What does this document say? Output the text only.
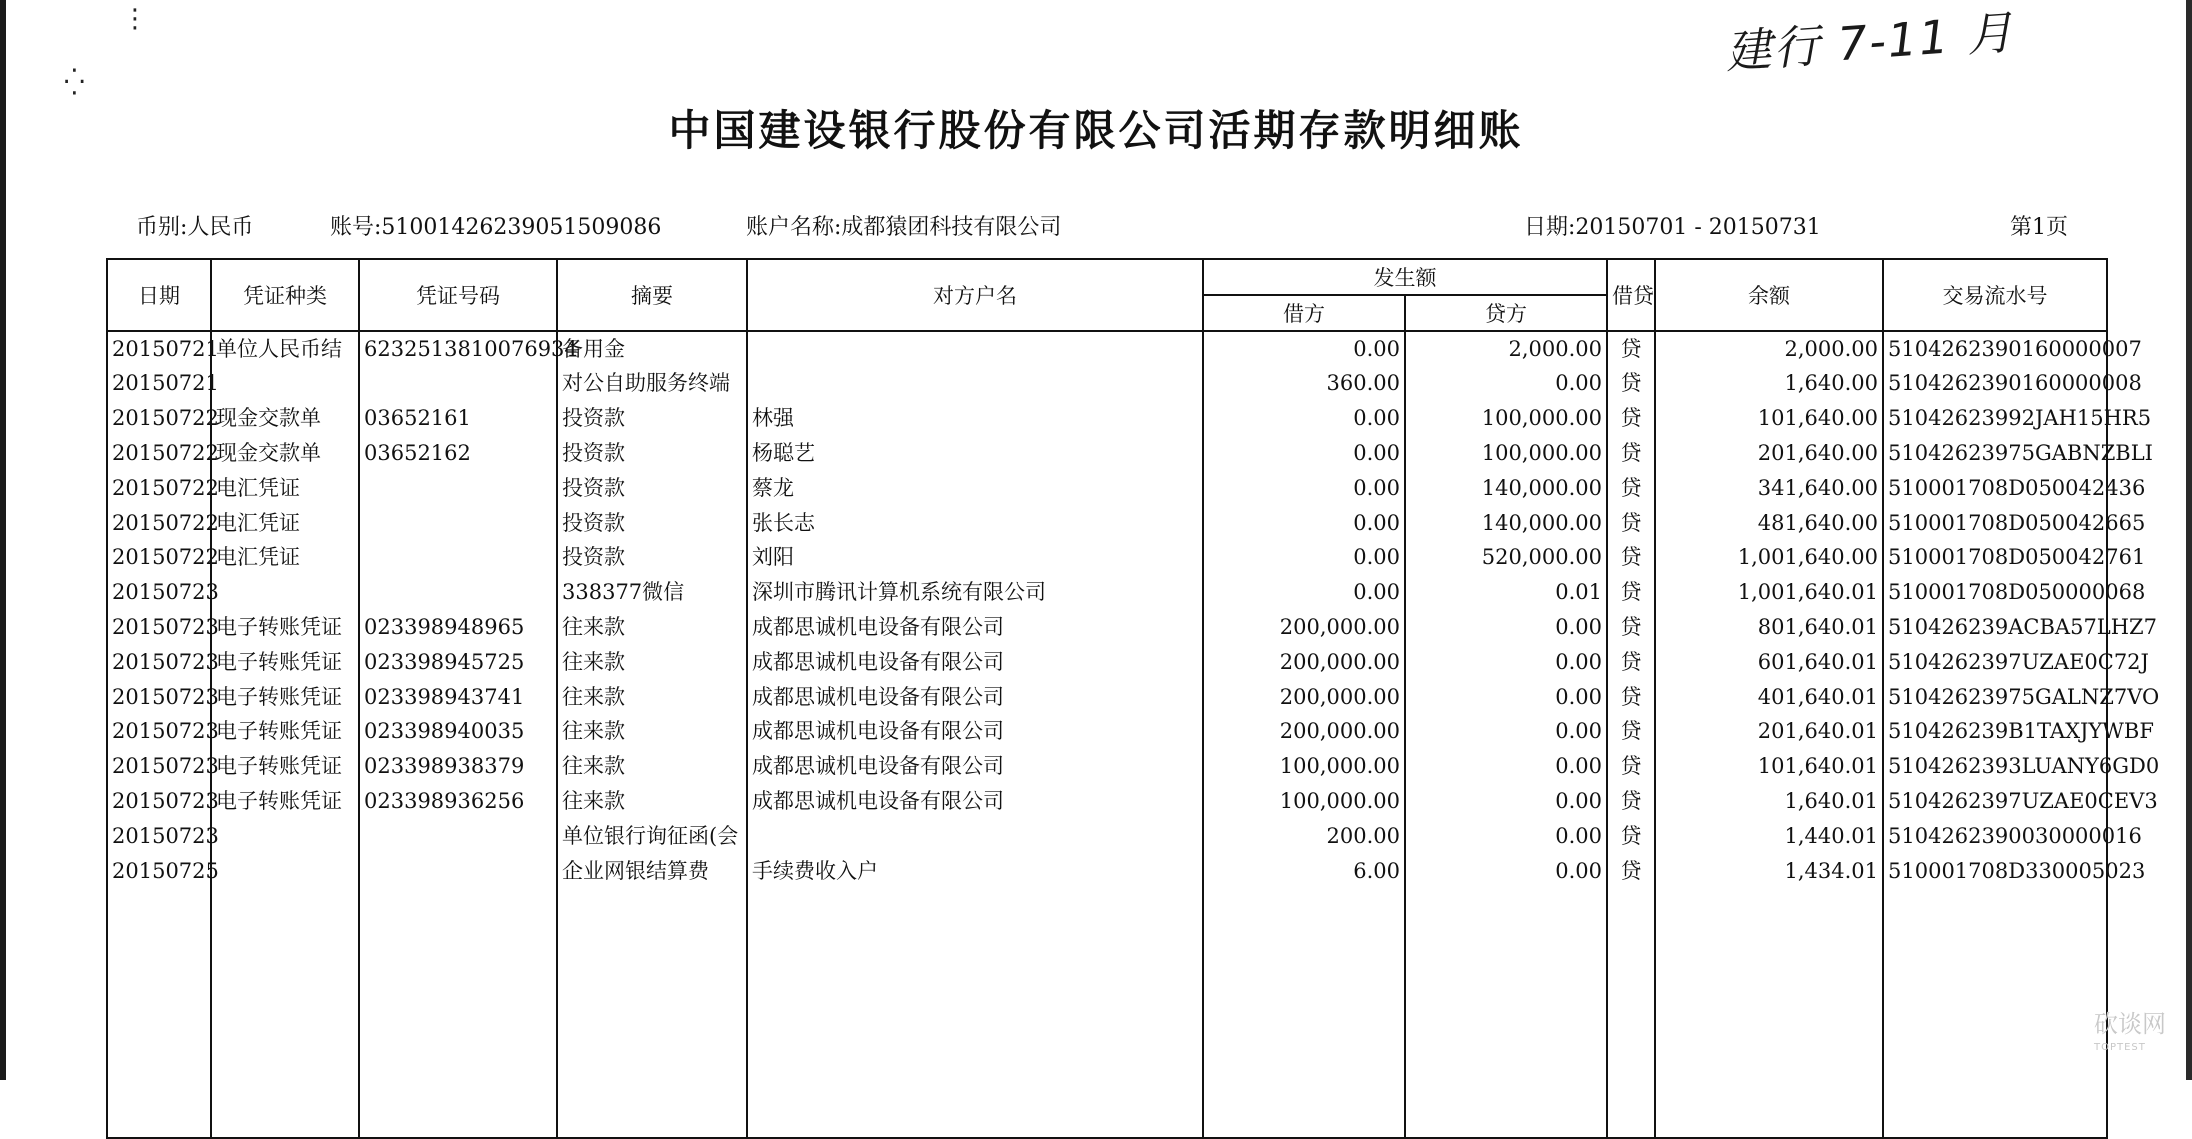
⋮
⁛
建行 7-11 月
中国建设银行股份有限公司活期存款明细账
币别:人民币	账号:51001426239051509086	账户名称:成都猿团科技有限公司	日期:20150701 - 20150731	第1页
日期	凭证种类	凭证号码	摘要	对方户名	发生额		借贷	余额	交易流水号
					借方	贷方			
20150721	单位人民币结	6232513810076934	备用金		0.00	2,000.00	贷	2,000.00	5104262390160000007
20150721			对公自助服务终端		360.00	0.00	贷	1,640.00	5104262390160000008
20150722	现金交款单	03652161	投资款	林强	0.00	100,000.00	贷	101,640.00	51042623992JAH15HR5
20150722	现金交款单	03652162	投资款	杨聪艺	0.00	100,000.00	贷	201,640.00	51042623975GABNZBLI
20150722	电汇凭证		投资款	蔡龙	0.00	140,000.00	贷	341,640.00	510001708D050042436
20150722	电汇凭证		投资款	张长志	0.00	140,000.00	贷	481,640.00	510001708D050042665
20150722	电汇凭证		投资款	刘阳	0.00	520,000.00	贷	1,001,640.00	510001708D050042761
20150723			338377微信	深圳市腾讯计算机系统有限公司	0.00	0.01	贷	1,001,640.01	510001708D050000068
20150723	电子转账凭证	023398948965	往来款	成都思诚机电设备有限公司	200,000.00	0.00	贷	801,640.01	510426239ACBA57LHZ7
20150723	电子转账凭证	023398945725	往来款	成都思诚机电设备有限公司	200,000.00	0.00	贷	601,640.01	5104262397UZAE0C72J
20150723	电子转账凭证	023398943741	往来款	成都思诚机电设备有限公司	200,000.00	0.00	贷	401,640.01	51042623975GALNZ7VO
20150723	电子转账凭证	023398940035	往来款	成都思诚机电设备有限公司	200,000.00	0.00	贷	201,640.01	510426239B1TAXJYWBF
20150723	电子转账凭证	023398938379	往来款	成都思诚机电设备有限公司	100,000.00	0.00	贷	101,640.01	5104262393LUANY6GD0
20150723	电子转账凭证	023398936256	往来款	成都思诚机电设备有限公司	100,000.00	0.00	贷	1,640.01	5104262397UZAE0CEV3
20150723			单位银行询征函(会		200.00	0.00	贷	1,440.01	5104262390030000016
20150725			企业网银结算费	手续费收入户	6.00	0.00	贷	1,434.01	510001708D330005023

砍谈网
TOPTEST
